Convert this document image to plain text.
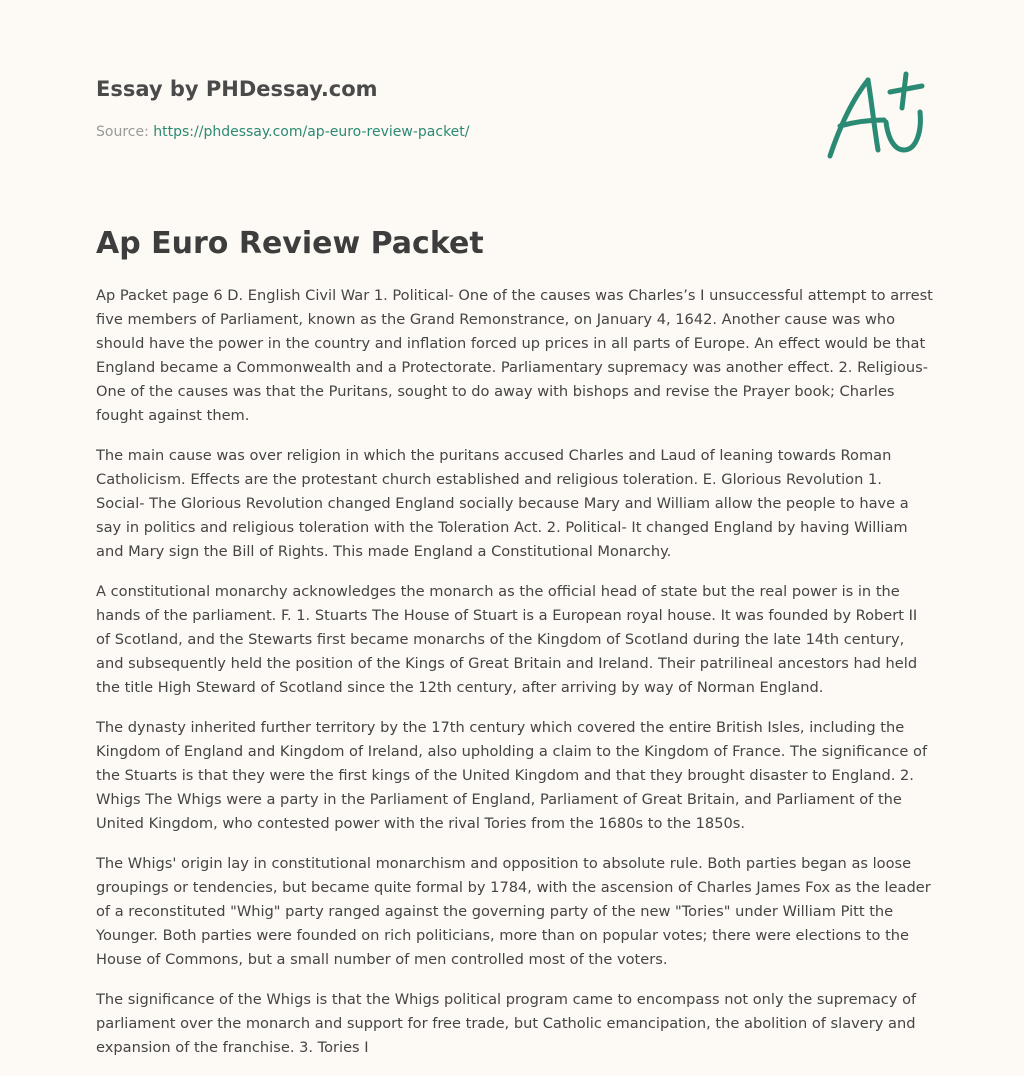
Essay by PHDessay.com
Source: https://phdessay.com/ap-euro-review-packet/
Ap Euro Review Packet

Ap Packet page 6 D. English Civil War 1. Political- One of the causes was Charles’s I unsuccessful attempt to arrest five members of Parliament, known as the Grand Remonstrance, on January 4, 1642. Another cause was who should have the power in the country and inflation forced up prices in all parts of Europe. An effect would be that England became a Commonwealth and a Protectorate. Parliamentary supremacy was another effect. 2. Religious-One of the causes was that the Puritans, sought to do away with bishops and revise the Prayer book; Charles fought against them.

The main cause was over religion in which the puritans accused Charles and Laud of leaning towards Roman Catholicism. Effects are the protestant church established and religious toleration. E. Glorious Revolution 1. Social- The Glorious Revolution changed England socially because Mary and William allow the people to have a say in politics and religious toleration with the Toleration Act. 2. Political- It changed England by having William and Mary sign the Bill of Rights. This made England a Constitutional Monarchy.

A constitutional monarchy acknowledges the monarch as the official head of state but the real power is in the hands of the parliament. F. 1. Stuarts The House of Stuart is a European royal house. It was founded by Robert II of Scotland, and the Stewarts first became monarchs of the Kingdom of Scotland during the late 14th century, and subsequently held the position of the Kings of Great Britain and Ireland. Their patrilineal ancestors had held the title High Steward of Scotland since the 12th century, after arriving by way of Norman England.

The dynasty inherited further territory by the 17th century which covered the entire British Isles, including the Kingdom of England and Kingdom of Ireland, also upholding a claim to the Kingdom of France. The significance of the Stuarts is that they were the first kings of the United Kingdom and that they brought disaster to England. 2. Whigs The Whigs were a party in the Parliament of England, Parliament of Great Britain, and Parliament of the United Kingdom, who contested power with the rival Tories from the 1680s to the 1850s.

The Whigs' origin lay in constitutional monarchism and opposition to absolute rule. Both parties began as loose groupings or tendencies, but became quite formal by 1784, with the ascension of Charles James Fox as the leader of a reconstituted "Whig" party ranged against the governing party of the new "Tories" under William Pitt the Younger. Both parties were founded on rich politicians, more than on popular votes; there were elections to the House of Commons, but a small number of men controlled most of the voters.

The significance of the Whigs is that the Whigs political program came to encompass not only the supremacy of parliament over the monarch and support for free trade, but Catholic emancipation, the abolition of slavery and expansion of the franchise. 3. Tories I
